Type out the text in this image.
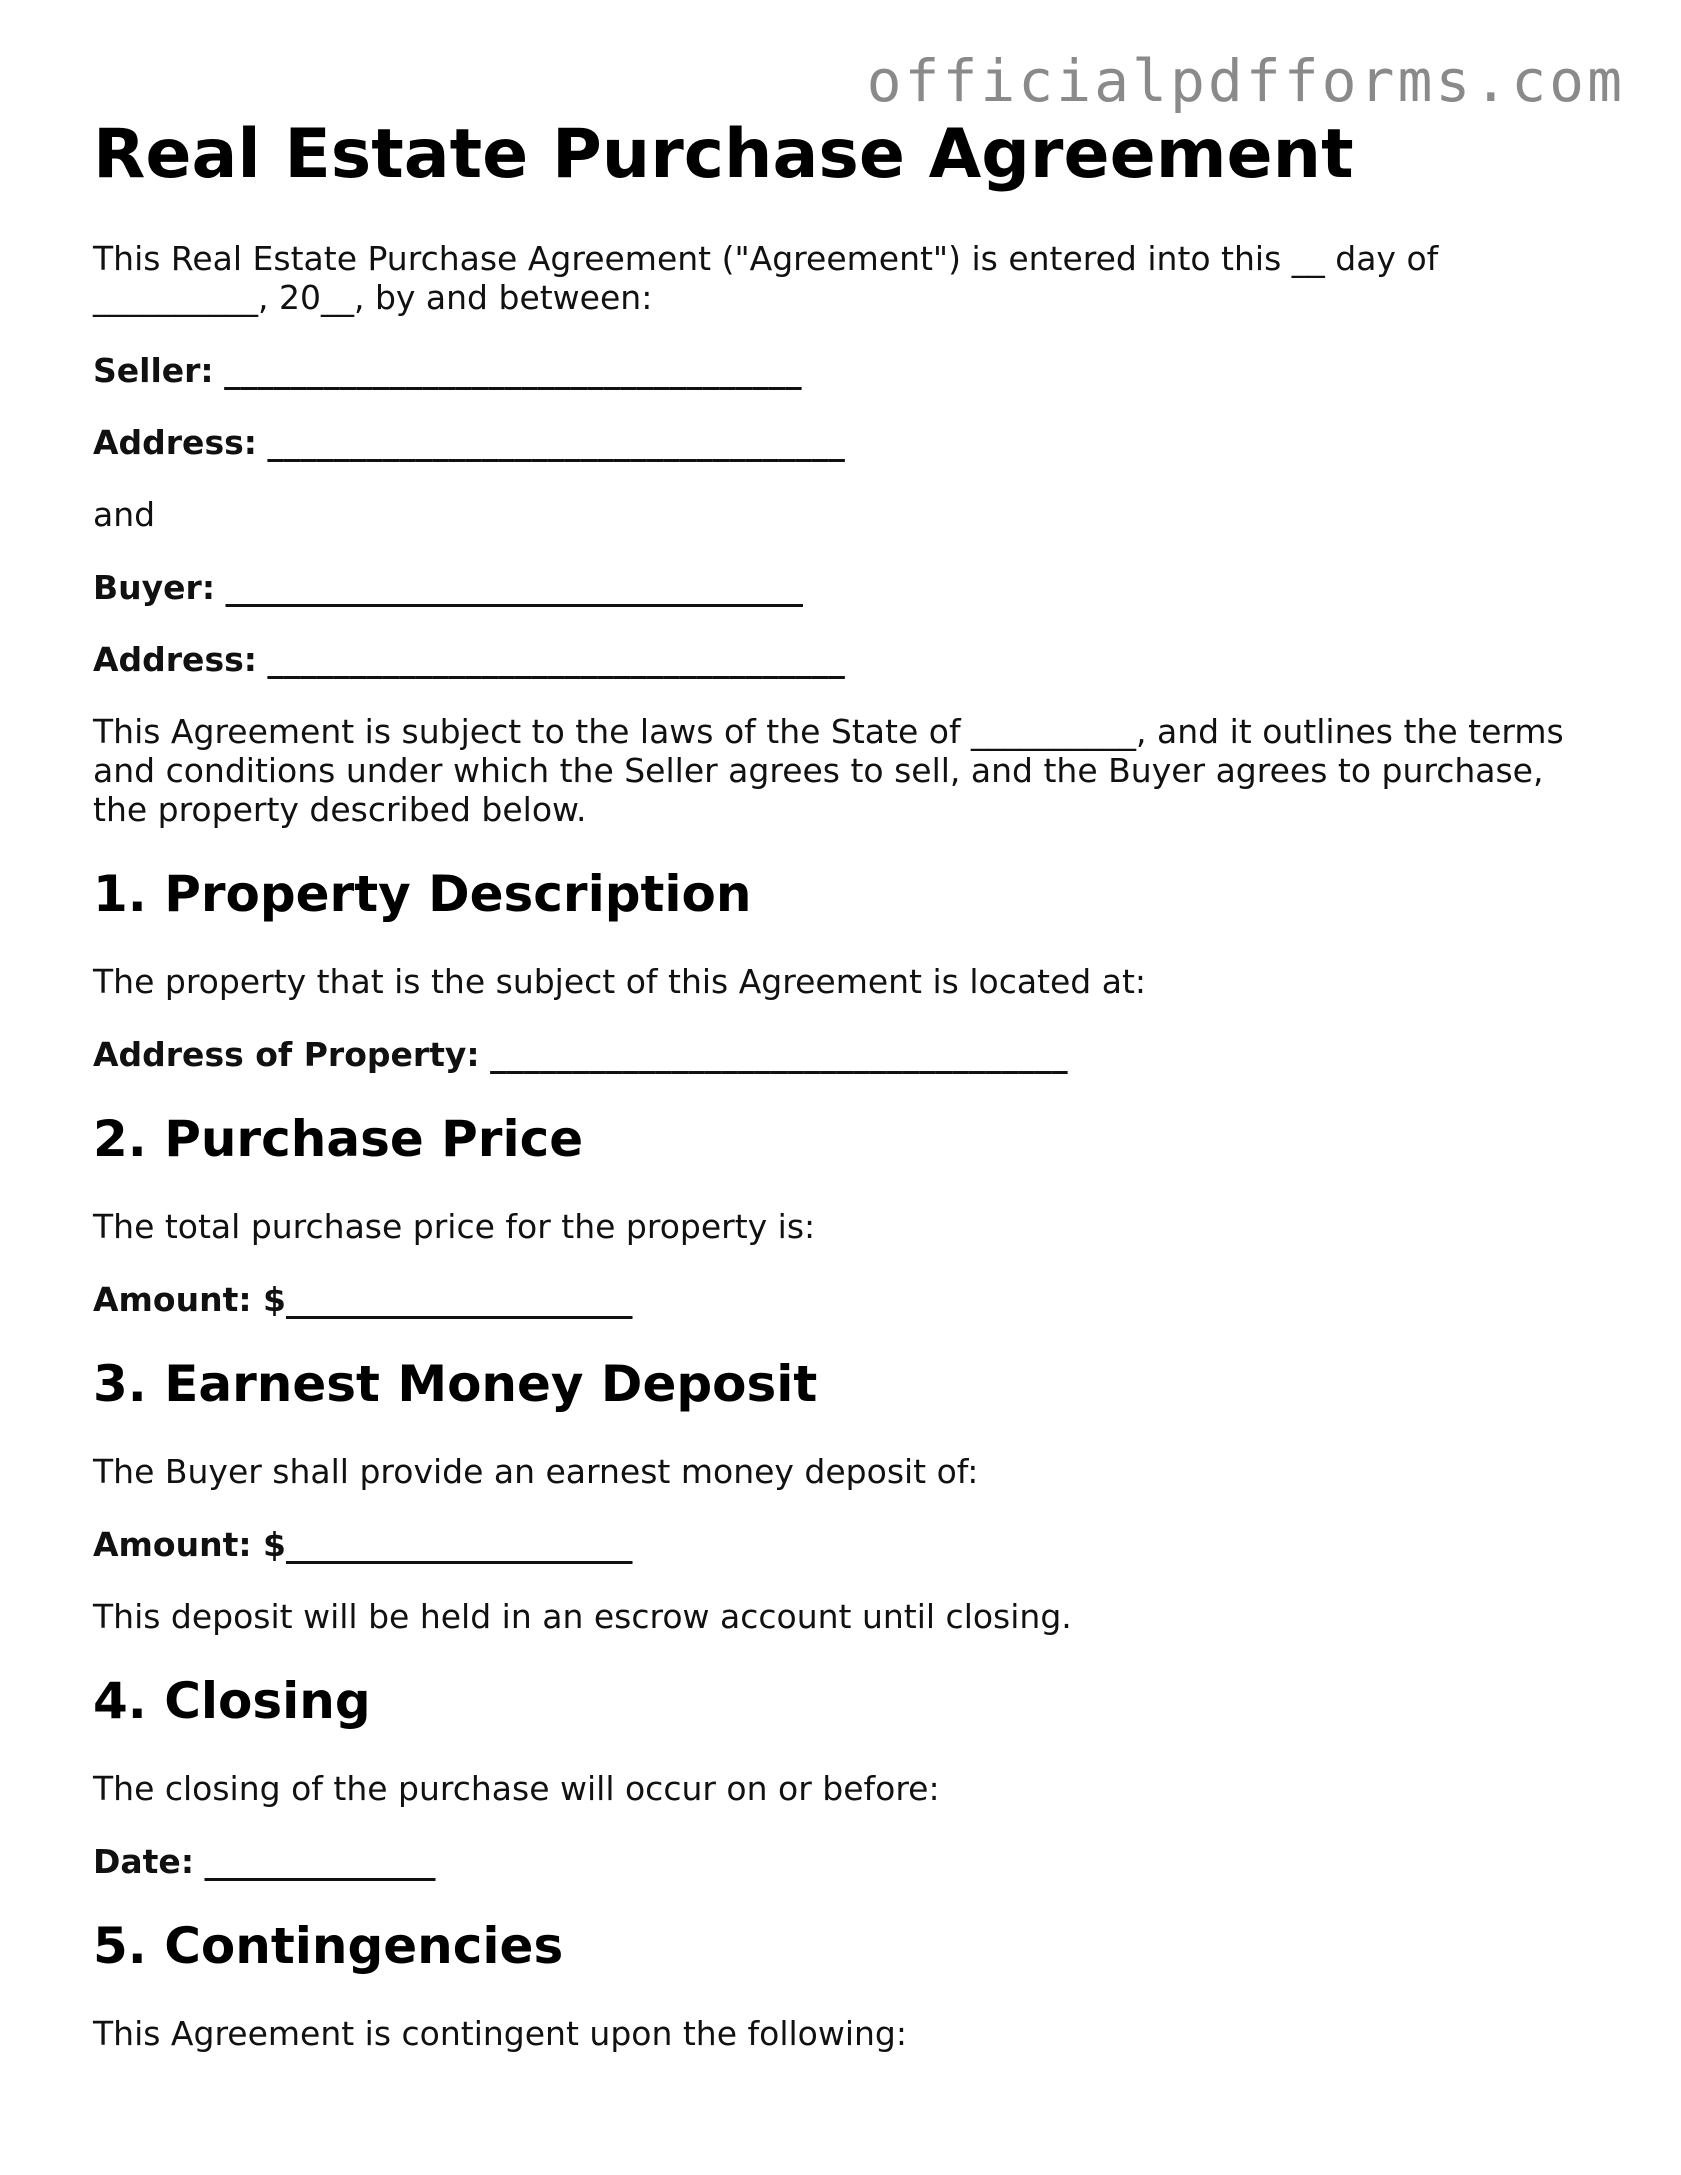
officialpdfforms.com
Real Estate Purchase Agreement

This Real Estate Purchase Agreement ("Agreement") is entered into this __ day of __________, 20__, by and between:

Seller: ___________________________________
Address: ___________________________________

and

Buyer: ___________________________________
Address: ___________________________________

This Agreement is subject to the laws of the State of __________, and it outlines the terms and conditions under which the Seller agrees to sell, and the Buyer agrees to purchase, the property described below.

1. Property Description

The property that is the subject of this Agreement is located at:

Address of Property: ___________________________________
2. Purchase Price

The total purchase price for the property is:

Amount: $_____________________
3. Earnest Money Deposit

The Buyer shall provide an earnest money deposit of:

Amount: $_____________________

This deposit will be held in an escrow account until closing.

4. Closing

The closing of the purchase will occur on or before:

Date: ______________
5. Contingencies

This Agreement is contingent upon the following:
